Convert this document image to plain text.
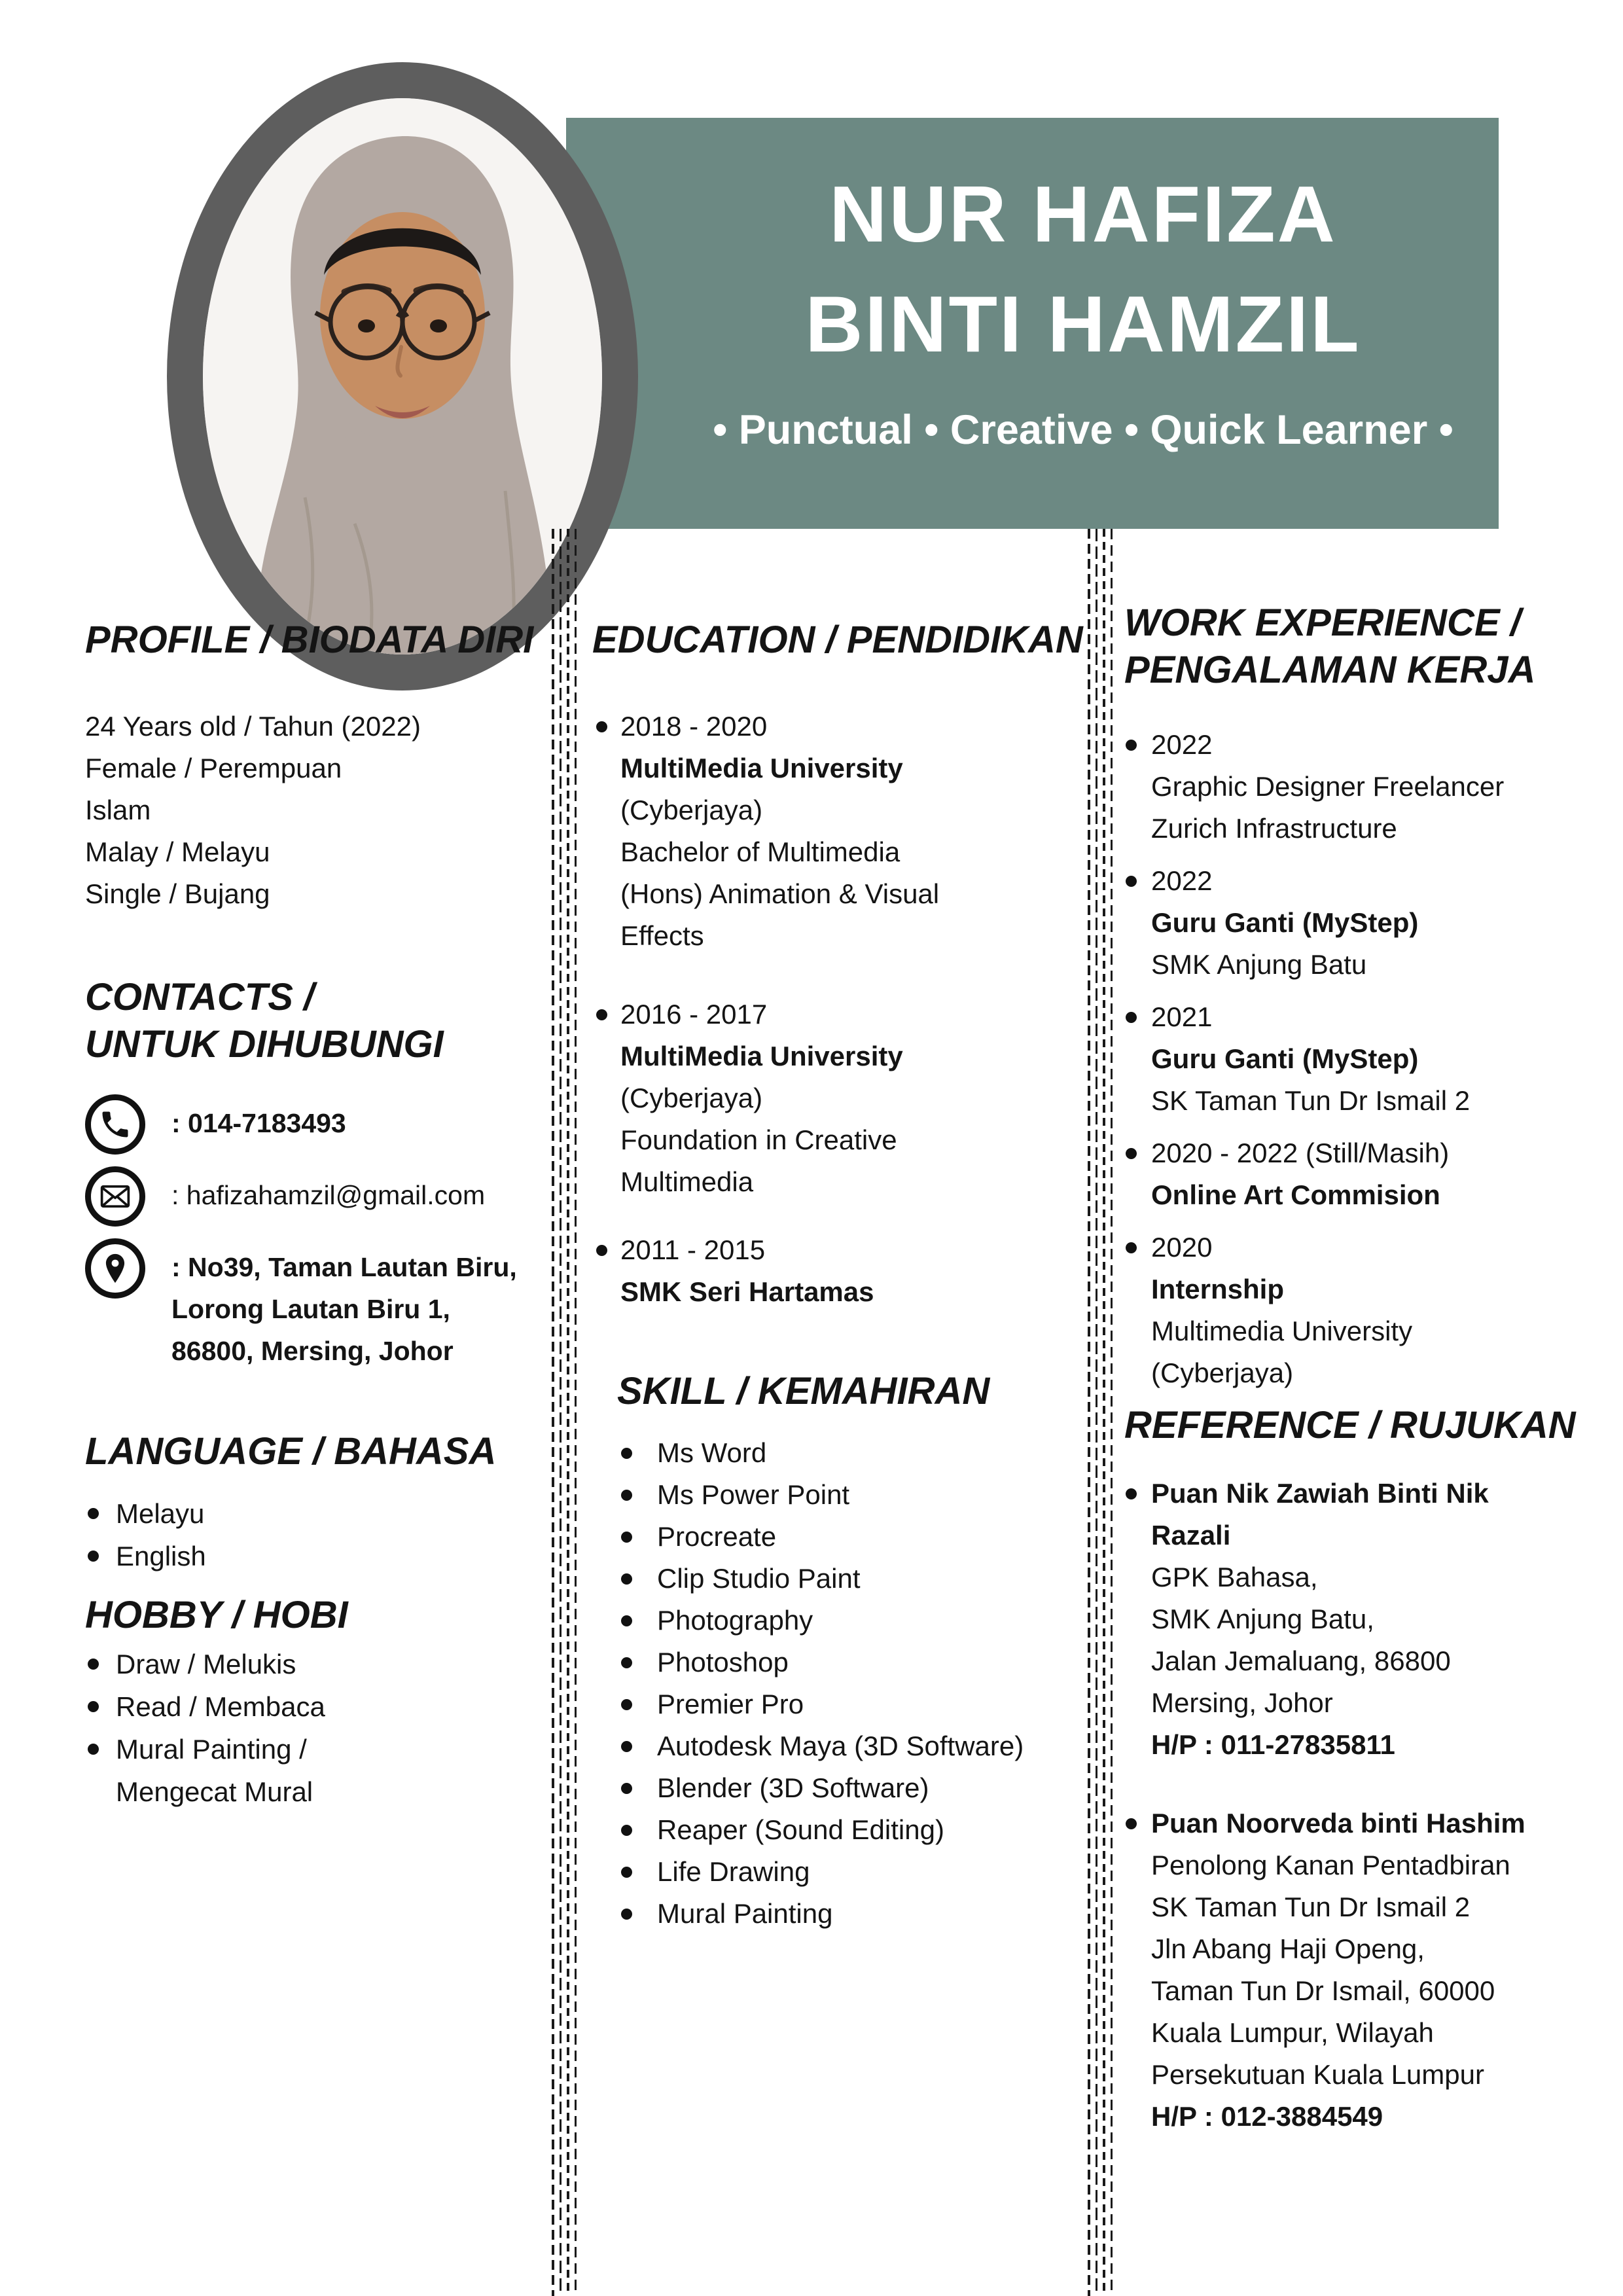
NUR HAFIZA
BINTI HAMZIL
• Punctual • Creative • Quick Learner •
PROFILE / BIODATA DIRI
24 Years old / Tahun (2022)
Female / Perempuan
Islam
Malay / Melayu
Single / Bujang
CONTACTS /
UNTUK DIHUBUNGI
: 014-7183493
: hafizahamzil@gmail.com
: No39, Taman Lautan Biru,
Lorong Lautan Biru 1,
86800, Mersing, Johor
LANGUAGE / BAHASA
Melayu
English
HOBBY / HOBI
Draw / Melukis
Read / Membaca
Mural Painting /
Mengecat Mural
EDUCATION / PENDIDIKAN
2018 - 2020
MultiMedia University
(Cyberjaya)
Bachelor of Multimedia
(Hons) Animation & Visual
Effects
2016 - 2017
MultiMedia University
(Cyberjaya)
Foundation in Creative
Multimedia
2011 - 2015
SMK Seri Hartamas
SKILL / KEMAHIRAN
Ms Word
Ms Power Point
Procreate
Clip Studio Paint
Photography
Photoshop
Premier Pro
Autodesk Maya (3D Software)
Blender (3D Software)
Reaper (Sound Editing)
Life Drawing
Mural Painting
WORK EXPERIENCE /
PENGALAMAN KERJA
2022
Graphic Designer Freelancer
Zurich Infrastructure
2022
Guru Ganti (MyStep)
SMK Anjung Batu
2021
Guru Ganti (MyStep)
SK Taman Tun Dr Ismail 2
2020 - 2022 (Still/Masih)
Online Art Commision
2020
Internship
Multimedia University
(Cyberjaya)
REFERENCE / RUJUKAN
Puan Nik Zawiah Binti Nik
Razali
GPK Bahasa,
SMK Anjung Batu,
Jalan Jemaluang, 86800
Mersing, Johor
H/P : 011-27835811
Puan Noorveda binti Hashim
Penolong Kanan Pentadbiran
SK Taman Tun Dr Ismail 2
Jln Abang Haji Openg,
Taman Tun Dr Ismail, 60000
Kuala Lumpur, Wilayah
Persekutuan Kuala Lumpur
H/P : 012-3884549
